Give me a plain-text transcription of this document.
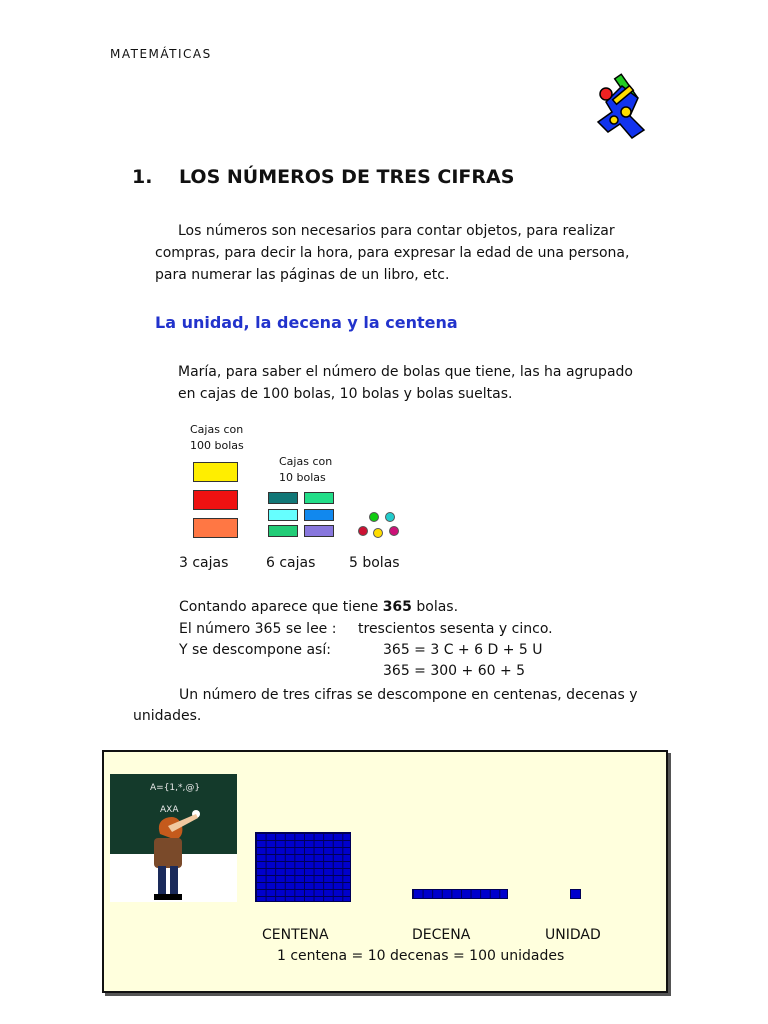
MATEMÁTICAS
1. LOS NÚMEROS DE TRES CIFRAS
Los números son necesarios para contar objetos, para realizar
compras, para decir la hora, para expresar la edad de una persona,
para numerar las páginas de un libro, etc.
La unidad, la decena y la centena
María, para saber el número de bolas que tiene, las ha agrupado
en cajas de 100 bolas, 10 bolas y bolas sueltas.
Cajas con
100 bolas
Cajas con
10 bolas
3 cajas	6 cajas 5 bolas
Contando aparece que tiene 365 bolas.
El número 365 se lee : trescientos sesenta y cinco.
Y se descompone así:	365 = 3 C + 6 D + 5 U
365 = 300 + 60 + 5
Un número de tres cifras se descompone en centenas, decenas y
unidades.
A={1,*,@}
AXA
CENTENA	DECENA	UNIDAD
1 centena = 10 decenas = 100 unidades
